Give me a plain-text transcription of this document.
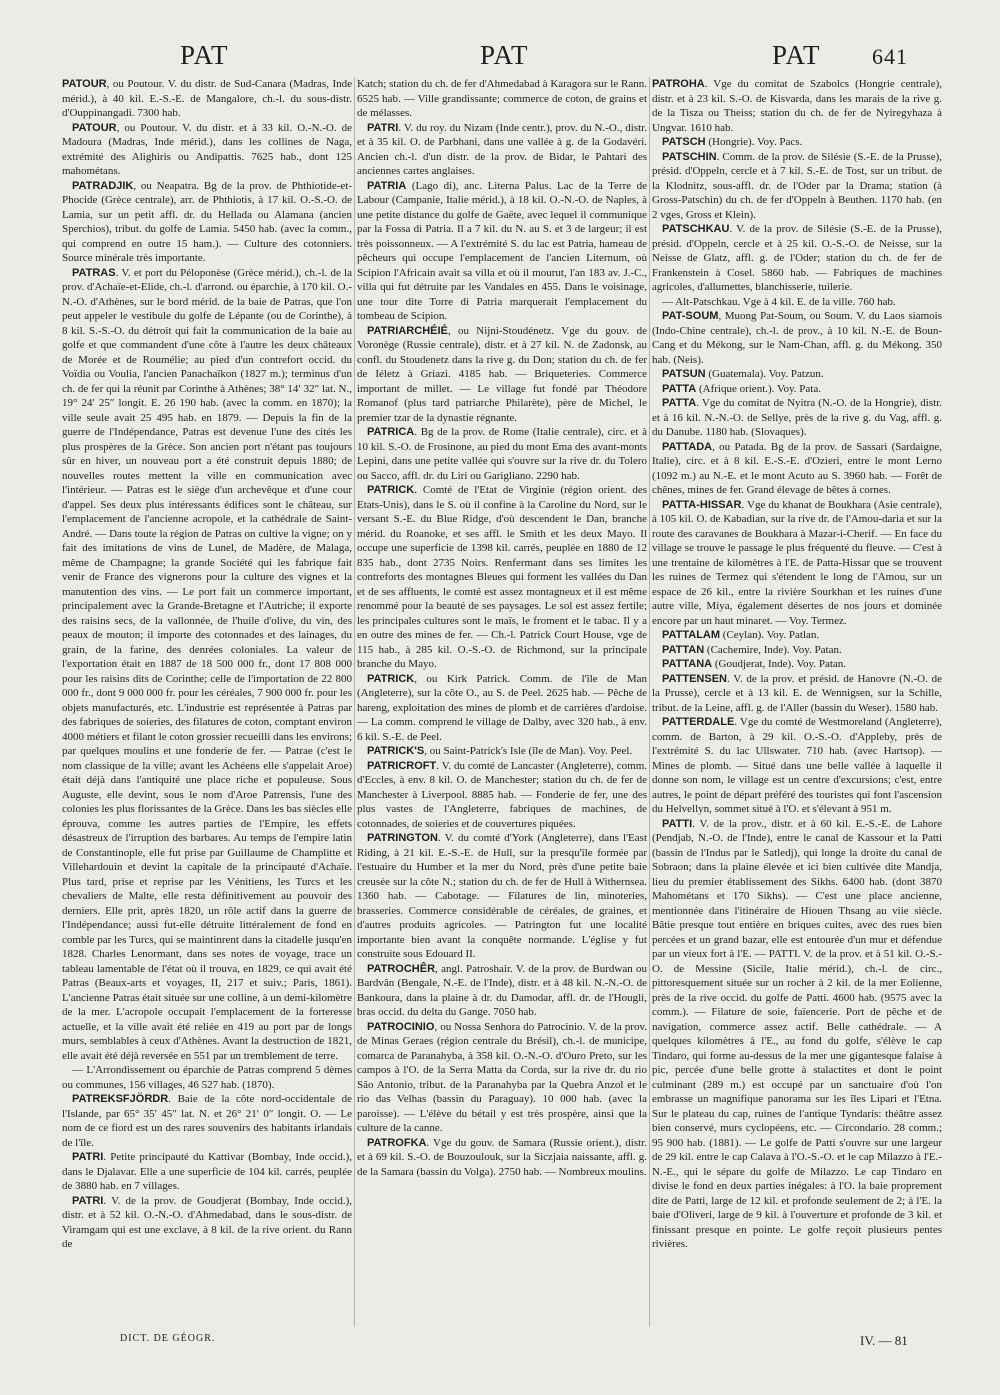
PAT	PAT	PAT 641

PATOUR, ou Poutour. V. du distr. de Sud-Canara (Madras, Inde mérid.), à 40 kil. E.-S.-E. de Mangalore, ch.-l. du sous-distr. d'Ouppinangadi. 7300 hab.

PATOUR, ou Poutour. V. du distr. et à 33 kil. O.-N.-O. de Madoura (Madras, Inde mérid.), dans les collines de Naga, extrémité des Alighiris ou Andipattis. 7625 hab., dont 125 mahométans.

PATRADJIK, ou Neapatra. Bg de la prov. de Phthiotide-et-Phocide (Grèce centrale), arr. de Phthiotis, à 17 kil. O.-S.-O. de Lamia, sur un petit affl. dr. du Hellada ou Alamana (ancien Sperchios), tribut. du golfe de Lamia. 5450 hab. (avec la comm., qui comprend en outre 15 ham.). — Culture des cotonniers. Source minérale très importante.

PATRAS. V. et port du Péloponèse (Grèce mérid.), ch.-l. de la prov. d'Achaïe-et-Elide, ch.-l. d'arrond. ou éparchie, à 170 kil. O.-N.-O. d'Athènes, sur le bord mérid. de la baie de Patras, que l'on peut appeler le vestibule du golfe de Lépante (ou de Corinthe), à 8 kil. S.-S.-O. du détroit qui fait la communication de la baie au golfe et que commandent d'une côte à l'autre les deux châteaux de Morée et de Roumélie; au pied d'un contrefort occid. du Voïdia ou Voulia, l'ancien Panachaïkon (1827 m.); terminus d'un ch. de fer qui la réunit par Corinthe à Athènes; 38° 14′ 32″ lat. N., 19° 24′ 25″ longit. E. 26 190 hab. (avec la comm. en 1870); la ville seule avait 25 495 hab. en 1879. — Depuis la fin de la guerre de l'Indépendance, Patras est devenue l'une des cités les plus prospères de la Grèce. Son ancien port n'étant pas toujours sûr en hiver, un nouveau port a été construit depuis 1880; de nouvelles routes mettent la ville en communication avec l'intérieur. — Patras est le siège d'un archevêque et d'une cour d'appel. Ses deux plus intéressants édifices sont le château, sur l'emplacement de l'ancienne acropole, et la cathédrale de Saint-André. — Dans toute la région de Patras on cultive la vigne; on y fait des imitations de vins de Lunel, de Madère, de Malaga, même de Champagne; la grande Société qui les fabrique fait venir de France des vignerons pour la culture des vignes et la manutention des vins. — Le port fait un commerce important, principalement avec la Grande-Bretagne et l'Autriche; il exporte des raisins secs, de la vallonnée, de l'huile d'olive, du vin, des peaux de mouton; il importe des cotonnades et des lainages, du grain, de la farine, des denrées coloniales. La valeur de l'exportation était en 1887 de 18 500 000 fr., dont 17 808 000 pour les raisins dits de Corinthe; celle de l'importation de 22 800 000 fr., dont 9 000 000 fr. pour les céréales, 7 900 000 fr. pour les objets manufacturés, etc. L'industrie est représentée à Patras par des fabriques de soieries, des filatures de coton, comptant environ 4000 métiers et filant le coton grossier recueilli dans les environs; par quelques moulins et une fonderie de fer. — Patrae (c'est le nom classique de la ville; avant les Achéens elle s'appelait Aroe) était déjà dans l'antiquité une place riche et populeuse. Sous Auguste, elle devint, sous le nom d'Aroe Patrensis, l'une des colonies les plus florissantes de la Grèce. Dans les bas siècles elle éprouva, comme les autres parties de l'Empire, les effets désastreux de l'irruption des barbares. Au temps de l'empire latin de Constantinople, elle fut prise par Guillaume de Champlitte et Villehardouin et devint la capitale de la principauté d'Achaïe. Plus tard, prise et reprise par les Vénitiens, les Turcs et les chevaliers de Malte, elle resta définitivement au pouvoir des derniers. Elle prit, après 1820, un rôle actif dans la guerre de l'Indépendance; aussi fut-elle détruite littéralement de fond en comble par les Turcs, qui se maintinrent dans la citadelle jusqu'en 1828. Charles Lenormant, dans ses notes de voyage, trace un tableau lamentable de l'état où il trouva, en 1829, ce qui avait été Patras (Beaux-arts et voyages, II, 217 et suiv.; Paris, 1861). L'ancienne Patras était située sur une colline, à un demi-kilomètre de la mer. L'acropole occupait l'emplacement de la forteresse actuelle, et la ville avait été reliée en 419 au port par de longs murs, semblables à ceux d'Athènes. Avant la destruction de 1821, elle avait été déjà reversée en 551 par un tremblement de terre.

— L'Arrondissement ou éparchie de Patras comprend 5 dèmes ou communes, 156 villages, 46 527 hab. (1870).

PATREKSFJÖRDR. Baie de la côte nord-occidentale de l'Islande, par 65° 35′ 45″ lat. N. et 26° 21′ 0″ longit. O. — Le nom de ce fiord est un des rares souvenirs des habitants irlandais de l'île.

PATRI. Petite principauté du Kattivar (Bombay, Inde occid.), dans le Djalavar. Elle a une superficie de 104 kil. carrés, peuplée de 3880 hab. en 7 villages.

PATRI. V. de la prov. de Goudjerat (Bombay, Inde occid.), distr. et à 52 kil. O.-N.-O. d'Ahmedabad, dans le sous-distr. de Viramgam qui est une exclave, à 8 kil. de la rive orient. du Rann de

Katch; station du ch. de fer d'Ahmedabad à Karagora sur le Rann. 6525 hab. — Ville grandissante; commerce de coton, de grains et de mélasses.

PATRI. V. du roy. du Nizam (Inde centr.), prov. du N.-O., distr. et à 35 kil. O. de Parbhani, dans une vallée à g. de la Godavéri. Ancien ch.-l. d'un distr. de la prov. de Bidar, le Pahtari des anciennes cartes anglaises.

PATRIA (Lago di), anc. Literna Palus. Lac de la Terre de Labour (Campanie, Italie mérid.), à 18 kil. O.-N.-O. de Naples, à une petite distance du golfe de Gaëte, avec lequel il communique par la Fossa di Patria. Il a 7 kil. du N. au S. et 3 de largeur; il est très poissonneux. — A l'extrémité S. du lac est Patria, hameau de pêcheurs qui occupe l'emplacement de l'ancien Liternum, où Scipion l'Africain avait sa villa et où il mourut, l'an 183 av. J.-C., villa qui fut détruite par les Vandales en 455. Dans le voisinage, une tour dite Torre di Patria marquerait l'emplacement du tombeau de Scipion.

PATRIARCHÉIÉ, ou Nijni-Stoudénetz. Vge du gouv. de Voronège (Russie centrale), distr. et à 27 kil. N. de Zadonsk, au confl. du Stoudenetz dans la rive g. du Don; station du ch. de fer de Iéletz à Griazi. 4185 hab. — Briqueteries. Commerce important de millet. — Le village fut fondé par Théodore Romanof (plus tard patriarche Philarète), père de Michel, le premier tzar de la dynastie régnante.

PATRICA. Bg de la prov. de Rome (Italie centrale), circ. et à 10 kil. S.-O. de Frosinone, au pied du mont Ema des avant-monts Lepini, dans une petite vallée qui s'ouvre sur la rive dr. du Tolero ou Sacco, affl. dr. du Liri ou Garigliano. 2290 hab.

PATRICK. Comté de l'Etat de Virginie (région orient. des Etats-Unis), dans le S. où il confine à la Caroline du Nord, sur le versant S.-E. du Blue Ridge, d'où descendent le Dan, branche mérid. du Roanoke, et ses affl. le Smith et les deux Mayo. Il occupe une superficie de 1398 kil. carrés, peuplée en 1880 de 12 835 hab., dont 2735 Noirs. Renfermant dans ses limites les contreforts des montagnes Bleues qui forment les vallées du Dan et de ses affluents, le comté est assez montagneux et il est même renommé pour la beauté de ses paysages. Le sol est assez fertile; les principales cultures sont le maïs, le froment et le tabac. Il y a en outre des mines de fer. — Ch.-l. Patrick Court House, vge de 115 hab., à 285 kil. O.-S.-O. de Richmond, sur la principale branche du Mayo.

PATRICK, ou Kirk Patrick. Comm. de l'île de Man (Angleterre), sur la côte O., au S. de Peel. 2625 hab. — Pêche de hareng, exploitation des mines de plomb et de carrières d'ardoise. — La comm. comprend le village de Dalby, avec 320 hab., à env. 6 kil. S.-E. de Peel.

PATRICK'S, ou Saint-Patrick's Isle (île de Man). Voy. Peel.

PATRICROFT. V. du comté de Lancaster (Angleterre), comm. d'Eccles, à env. 8 kil. O. de Manchester; station du ch. de fer de Manchester à Liverpool. 8885 hab. — Fonderie de fer, une des plus vastes de l'Angleterre, fabriques de machines, de cotonnades, de soieries et de couvertures piquées.

PATRINGTON. V. du comté d'York (Angleterre), dans l'East Riding, à 21 kil. E.-S.-E. de Hull, sur la presqu'île formée par l'estuaire du Humber et la mer du Nord, près d'une petite baie creusée sur la côte N.; station du ch. de fer de Hull à Withernsea. 1360 hab. — Cabotage. — Filatures de lin, minoteries, brasseries. Commerce considérable de céréales, de graines, et d'autres produits agricoles. — Patrington fut une localité importante bien avant la conquête normande. L'église y fut construite sous Edouard II.

PATROCHÊR, angl. Patroshair. V. de la prov. de Burdwan ou Bardvân (Bengale, N.-E. de l'Inde), distr. et à 48 kil. N.-N.-O. de Bankoura, dans la plaine à dr. du Damodar, affl. dr. de l'Hougli, bras occid. du delta du Gange. 7050 hab.

PATROCINIO, ou Nossa Senhora do Patrocinio. V. de la prov. de Minas Geraes (région centrale du Brésil), ch.-l. de municipe, comarca de Paranahyba, à 358 kil. O.-N.-O. d'Ouro Preto, sur les campos à l'O. de la Serra Matta da Corda, sur la rive dr. du rio São Antonio, tribut. de la Paranahyba par la Quebra Anzol et le rio das Velhas (bassin du Paraguay). 10 000 hab. (avec la paroisse). — L'élève du bétail y est très prospère, ainsi que la culture de la canne.

PATROFKA. Vge du gouv. de Samara (Russie orient.), distr. et à 69 kil. S.-O. de Bouzoulouk, sur la Siczjaia naissante, affl. g. de la Samara (bassin du Volga). 2750 hab. — Nombreux moulins.

PATROHA. Vge du comitat de Szabolcs (Hongrie centrale), distr. et à 23 kil. S.-O. de Kisvarda, dans les marais de la rive g. de la Tisza ou Theiss; station du ch. de fer de Nyiregyhaza à Ungvar. 1610 hab.

PATSCH (Hongrie). Voy. Pacs.

PATSCHIN. Comm. de la prov. de Silésie (S.-E. de la Prusse), présid. d'Oppeln, cercle et à 7 kil. S.-E. de Tost, sur un tribut. de la Klodnitz, sous-affl. dr. de l'Oder par la Drama; station (à Gross-Patschin) du ch. de fer d'Oppeln à Beuthen. 1170 hab. (en 2 vges, Gross et Klein).

PATSCHKAU. V. de la prov. de Silésie (S.-E. de la Prusse), présid. d'Oppeln, cercle et à 25 kil. O.-S.-O. de Neisse, sur la Neisse de Glatz, affl. g. de l'Oder; station du ch. de fer de Frankenstein à Cosel. 5860 hab. — Fabriques de machines agricoles, d'allumettes, blanchisserie, tuilerie.

— Alt-Patschkau. Vge à 4 kil. E. de la ville. 760 hab.

PAT-SOUM, Muong Pat-Soum, ou Soum. V. du Laos siamois (Indo-Chine centrale), ch.-l. de prov., à 10 kil. N.-E. de Boun-Cang et du Mékong, sur le Nam-Chan, affl. g. du Mékong. 350 hab. (Neis).

PATSUN (Guatemala). Voy. Patzun.

PATTA (Afrique orient.). Voy. Pata.

PATTA. Vge du comitat de Nyitra (N.-O. de la Hongrie), distr. et à 16 kil. N.-N.-O. de Sellye, près de la rive g. du Vag, affl. g. du Danube. 1180 hab. (Slovaques).

PATTADA, ou Patada. Bg de la prov. de Sassari (Sardaigne, Italie), circ. et à 8 kil. E.-S.-E. d'Ozieri, entre le mont Lerno (1092 m.) au N.-E. et le mont Acuto au S. 3960 hab. — Forêt de chênes, mines de fer. Grand élevage de bêtes à cornes.

PATTA-HISSAR. Vge du khanat de Boukhara (Asie centrale), à 105 kil. O. de Kabadian, sur la rive dr. de l'Amou-daria et sur la route des caravanes de Boukhara à Mazar-i-Cherif. — En face du village se trouve le passage le plus fréquenté du fleuve. — C'est à une trentaine de kilomètres à l'E. de Patta-Hissar que se trouvent les ruines de Termez qui s'étendent le long de l'Amou, sur un espace de 26 kil., entre la rivière Sourkhan et les ruines d'une autre ville, Miya, également désertes de nos jours et dominée encore par un haut minaret. — Voy. Termez.

PATTALAM (Ceylan). Voy. Patlan.

PATTAN (Cachemire, Inde). Voy. Patan.

PATTANA (Goudjerat, Inde). Voy. Patan.

PATTENSEN. V. de la prov. et présid. de Hanovre (N.-O. de la Prusse), cercle et à 13 kil. E. de Wennigsen, sur la Schille, tribut. de la Leine, affl. g. de l'Aller (bassin du Weser). 1580 hab.

PATTERDALE. Vge du comté de Westmoreland (Angleterre), comm. de Barton, à 29 kil. O.-S.-O. d'Appleby, près de l'extrémité S. du lac Ullswater. 710 hab. (avec Hartsop). — Mines de plomb. — Situé dans une belle vallée à laquelle il donne son nom, le village est un centre d'excursions; c'est, entre autres, le point de départ préféré des touristes qui font l'ascension du Helvellyn, sommet situé à l'O. et s'élevant à 951 m.

PATTI. V. de la prov., distr. et à 60 kil. E.-S.-E. de Lahore (Pendjab, N.-O. de l'Inde), entre le canal de Kassour et la Patti (bassin de l'Indus par le Satledj), qui longe la droite du canal de Sobraon; dans la plaine élevée et ici bien cultivée dite Mandja, lieu du premier établissement des Sikhs. 6400 hab. (dont 3870 Mahométans et 170 Sikhs). — C'est une place ancienne, mentionnée dans l'itinéraire de Hiouen Thsang au viie siècle. Bâtie presque tout entière en briques cuites, avec des rues bien percées et un grand bazar, elle est entourée d'un mur et défendue par un vieux fort à l'E. — PATTI. V. de la prov. et à 51 kil. O.-S.-O. de Messine (Sicile, Italie mérid.), ch.-l. de circ., pittoresquement située sur un rocher à 2 kil. de la mer Eolienne, près de la rive occid. du golfe de Patti. 4600 hab. (9575 avec la comm.). — Filature de soie, faïencerie. Port de pêche et de navigation, commerce assez actif. Belle cathédrale. — A quelques kilomètres à l'E., au fond du golfe, s'élève le cap Tindaro, qui forme au-dessus de la mer une gigantesque falaise à pic, percée d'une belle grotte à stalactites et dont le point culminant (289 m.) est occupé par un sanctuaire d'où l'on embrasse un magnifique panorama sur les îles Lipari et l'Etna. Sur le plateau du cap, ruines de l'antique Tyndaris: théâtre assez bien conservé, murs cyclopéens, etc. — Circondario. 28 comm.; 95 900 hab. (1881). — Le golfe de Patti s'ouvre sur une largeur de 29 kil. entre le cap Calava à l'O.-S.-O. et le cap Milazzo à l'E.-N.-E., qui le sépare du golfe de Milazzo. Le cap Tindaro en divise le fond en deux parties inégales: à l'O. la baie proprement dite de Patti, large de 12 kil. et profonde seulement de 2; à l'E. la baie d'Oliveri, large de 9 kil. à l'ouverture et profonde de 3 kil. et finissant presque en pointe. Le golfe reçoit plusieurs pentes rivières.

DICT. DE GÉOGR.	IV. — 81
